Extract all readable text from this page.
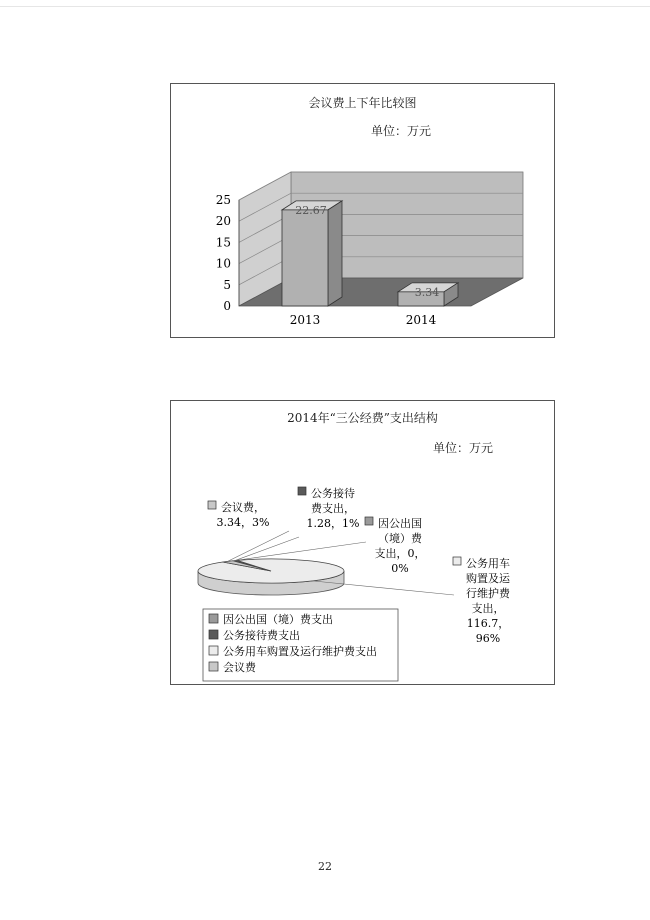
会议费上下年比较图
单位：万元
0
5
10
15
20
25
22.67
2013
3.34
2014
2014年“三公经费”支出结构
单位：万元
因公出国
（境）费
支出，0，
0%
公务接待
费支出，
1.28，1%
公务用车
购置及运
行维护费
支出，
116.7，
96%
会议费，
3.34，3%
因公出国（境）费支出
公务接待费支出
公务用车购置及运行维护费支出
会议费
22
